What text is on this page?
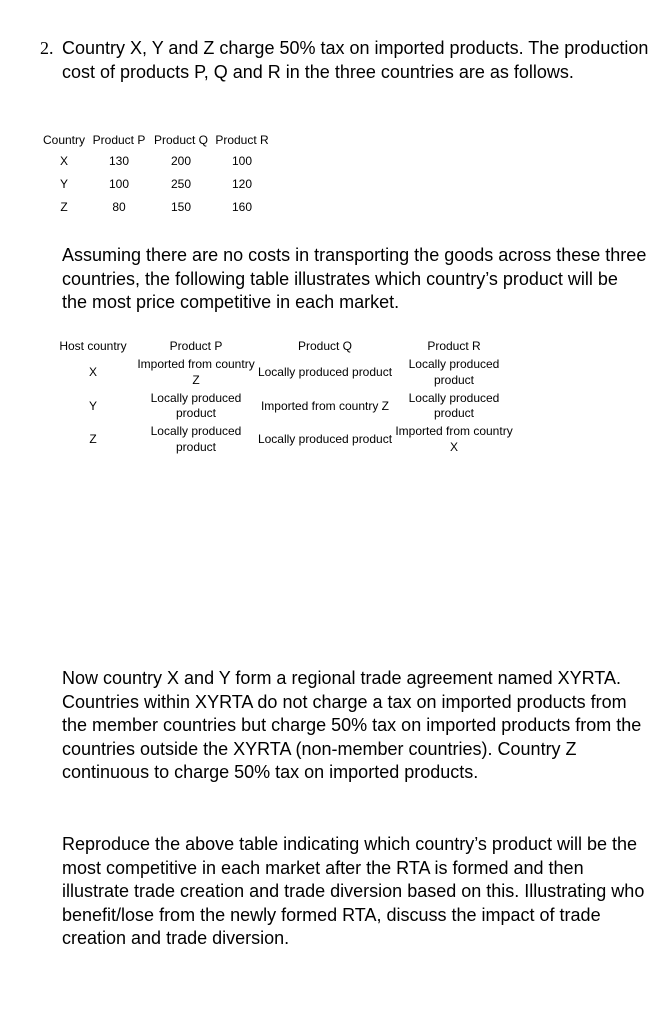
2. Country X, Y and Z charge 50% tax on imported products. The production cost of products P, Q and R in the three countries are as follows.
Country	Product P	Product Q	Product R
X	130	200	100
Y	100	250	120
Z	80	150	160
Assuming there are no costs in transporting the goods across these three countries, the following table illustrates which country’s product will be the most price competitive in each market.
Host country	Product P	Product Q	Product R
X	Imported from country Z	Locally produced product	Locally produced product
Y	Locally produced product	Imported from country Z	Locally produced product
Z	Locally produced product	Locally produced product	Imported from country X
Now country X and Y form a regional trade agreement named XYRTA. Countries within XYRTA do not charge a tax on imported products from the member countries but charge 50% tax on imported products from the countries outside the XYRTA (non-member countries). Country Z continuous to charge 50% tax on imported products.
Reproduce the above table indicating which country’s product will be the most competitive in each market after the RTA is formed and then illustrate trade creation and trade diversion based on this. Illustrating who benefit/lose from the newly formed RTA, discuss the impact of trade creation and trade diversion.
